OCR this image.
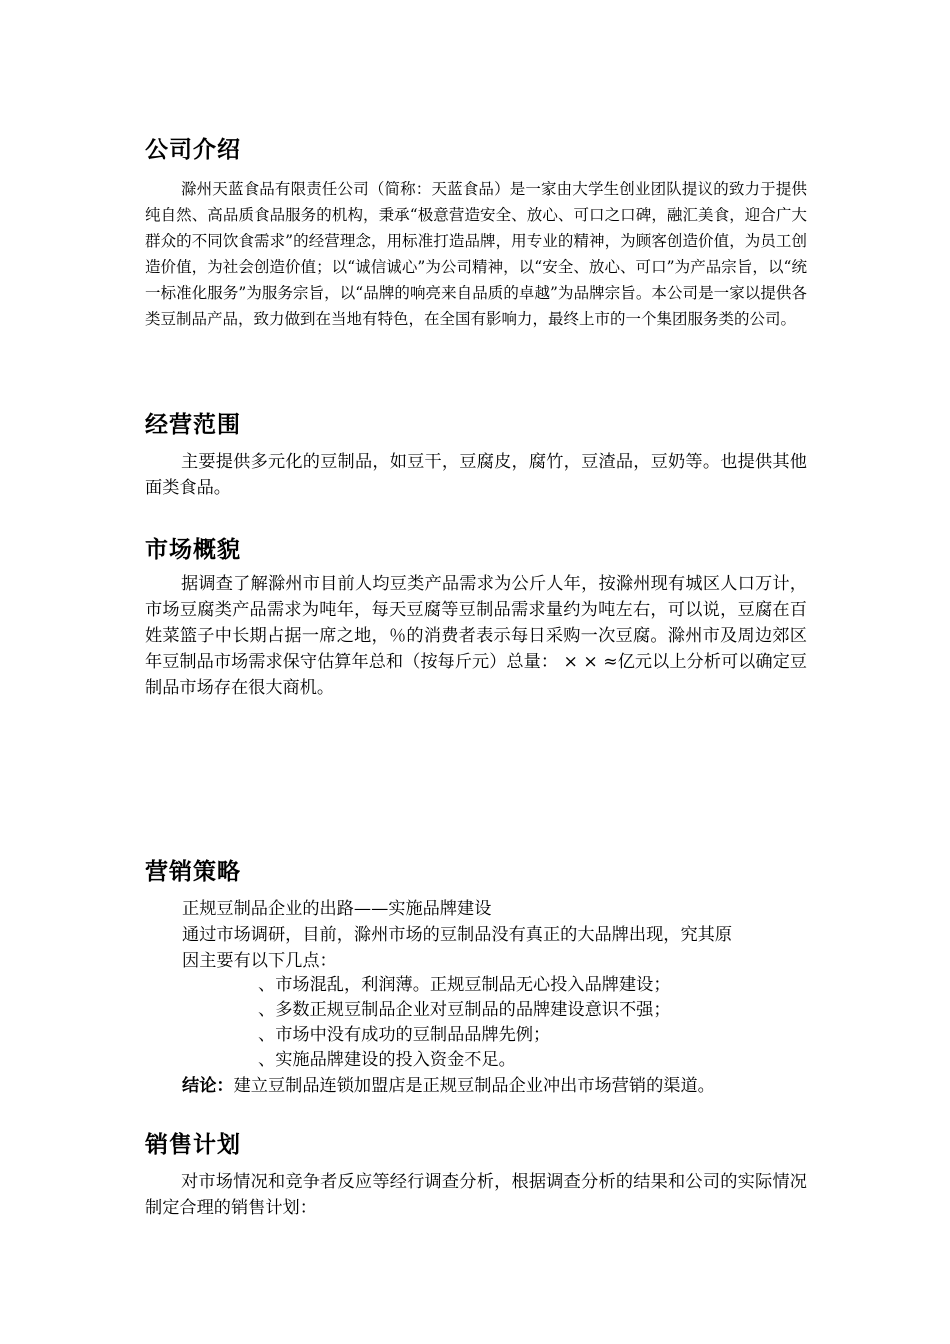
公司介绍

滁州天蓝食品有限责任公司（简称：天蓝食品）是一家由大学生创业团队提议的致力于提供纯自然、高品质食品服务的机构，秉承“极意营造安全、放心、可口之口碑，融汇美食，迎合广大群众的不同饮食需求”的经营理念，用标准打造品牌，用专业的精神，为顾客创造价值，为员工创造价值，为社会创造价值；以“诚信诚心”为公司精神，以“安全、放心、可口”为产品宗旨，以“统一标准化服务”为服务宗旨，以“品牌的响亮来自品质的卓越”为品牌宗旨。本公司是一家以提供各类豆制品产品，致力做到在当地有特色，在全国有影响力，最终上市的一个集团服务类的公司。

经营范围

主要提供多元化的豆制品，如豆干，豆腐皮，腐竹，豆渣品，豆奶等。也提供其他面类食品。

市场概貌

据调查了解滁州市目前人均豆类产品需求为公斤人年，按滁州现有城区人口万计，市场豆腐类产品需求为吨年，每天豆腐等豆制品需求量约为吨左右，可以说，豆腐在百姓菜篮子中长期占据一席之地，％的消费者表示每日采购一次豆腐。滁州市及周边郊区年豆制品市场需求保守估算年总和（按每斤元）总量： × × ≈亿元以上分析可以确定豆制品市场存在很大商机。

营销策略

正规豆制品企业的出路——实施品牌建设

通过市场调研，目前，滁州市场的豆制品没有真正的大品牌出现，究其原

因主要有以下几点：

、市场混乱，利润薄。正规豆制品无心投入品牌建设；

、多数正规豆制品企业对豆制品的品牌建设意识不强；

、市场中没有成功的豆制品品牌先例；

、实施品牌建设的投入资金不足。

结论：建立豆制品连锁加盟店是正规豆制品企业冲出市场营销的渠道。

销售计划

对市场情况和竞争者反应等经行调查分析，根据调查分析的结果和公司的实际情况制定合理的销售计划：
